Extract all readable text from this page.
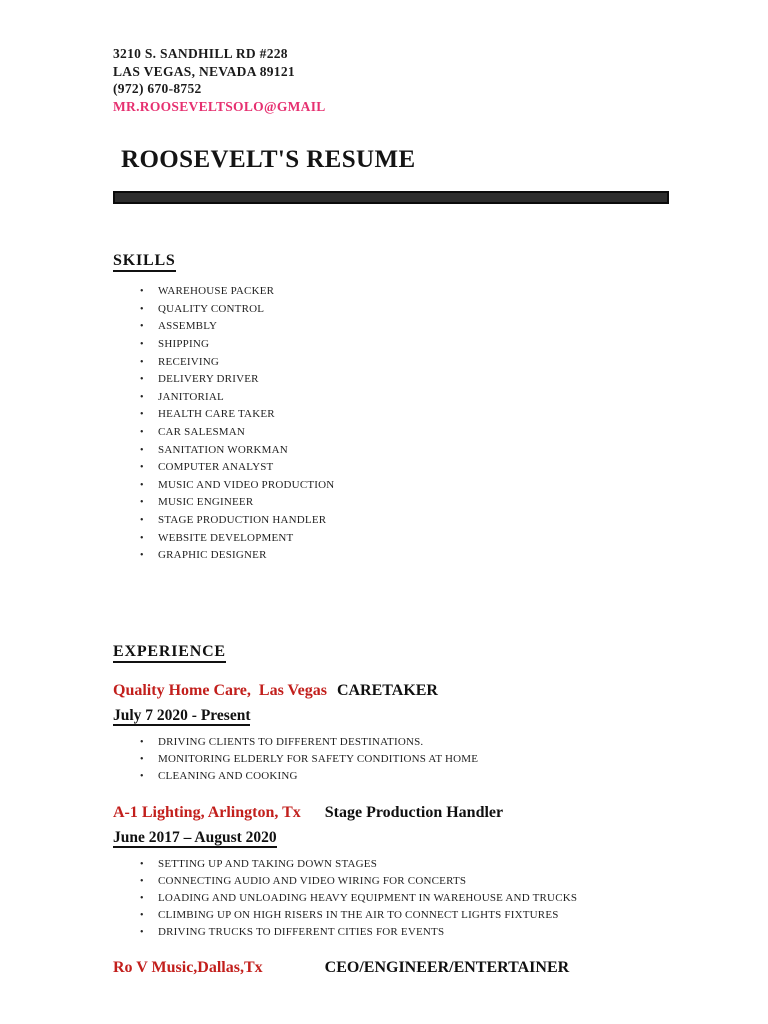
3210 S. SANDHILL RD #228
LAS VEGAS, NEVADA 89121
(972) 670-8752
MR.ROOSEVELTSOLO@GMAIL
ROOSEVELT'S RESUME
SKILLS
•	WAREHOUSE PACKER
•	QUALITY CONTROL
•	ASSEMBLY
•	SHIPPING
•	RECEIVING
•	DELIVERY DRIVER
•	JANITORIAL
•	HEALTH CARE TAKER
•	CAR SALESMAN
•	SANITATION WORKMAN
•	COMPUTER ANALYST
•	MUSIC AND VIDEO PRODUCTION
•	MUSIC ENGINEER
•	STAGE PRODUCTION HANDLER
•	WEBSITE DEVELOPMENT
•	GRAPHIC DESIGNER
EXPERIENCE
Quality Home Care,  Las Vegas CARETAKER
July 7 2020 - Present
•	DRIVING CLIENTS TO DIFFERENT DESTINATIONS.
•	MONITORING ELDERLY FOR SAFETY CONDITIONS AT HOME
•	CLEANING AND COOKING
A-1 Lighting, Arlington, Tx Stage Production Handler
June 2017 – August 2020
•	SETTING UP AND TAKING DOWN STAGES
•	CONNECTING AUDIO AND VIDEO WIRING FOR CONCERTS
•	LOADING AND UNLOADING HEAVY EQUIPMENT IN WAREHOUSE AND TRUCKS
•	CLIMBING UP ON HIGH RISERS IN THE AIR TO CONNECT LIGHTS FIXTURES
•	DRIVING TRUCKS TO DIFFERENT CITIES FOR EVENTS
Ro V Music,Dallas,Tx	CEO/ENGINEER/ENTERTAINER
